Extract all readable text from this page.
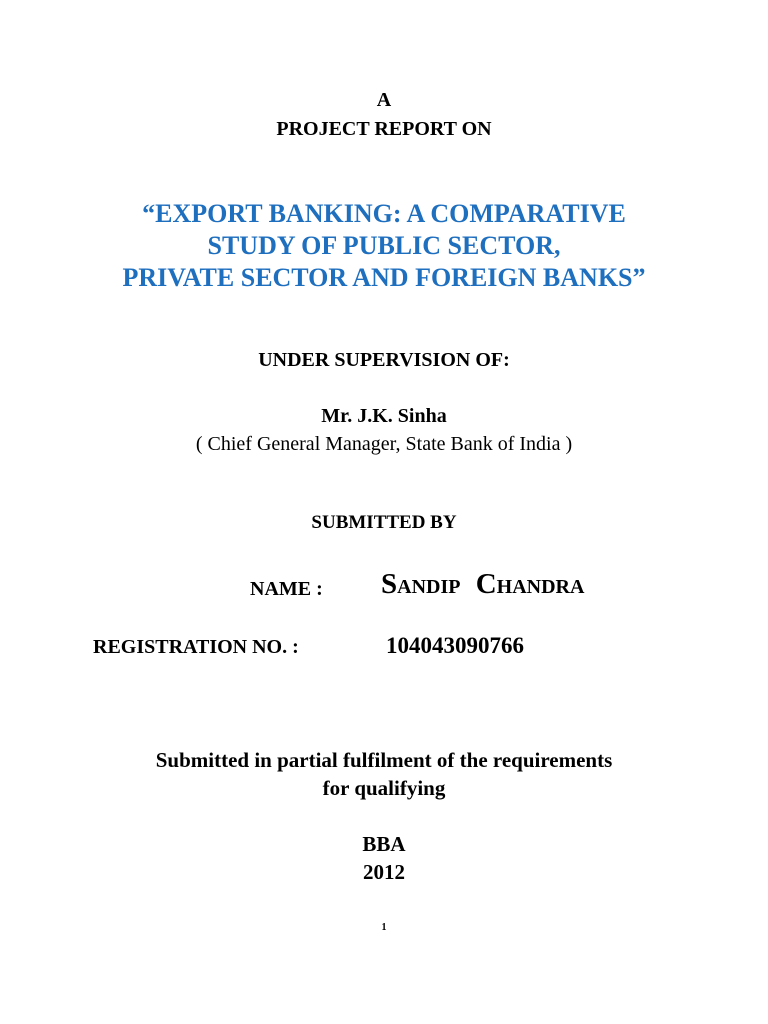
A
PROJECT REPORT ON
“EXPORT BANKING: A COMPARATIVE
STUDY OF PUBLIC SECTOR,
PRIVATE SECTOR AND FOREIGN BANKS”
UNDER SUPERVISION OF:
Mr. J.K. Sinha
( Chief General Manager, State Bank of India )
SUBMITTED BY
NAME : Sandip Chandra
REGISTRATION NO. :	104043090766
Submitted in partial fulfilment of the requirements
for qualifying
BBA
2012
1
